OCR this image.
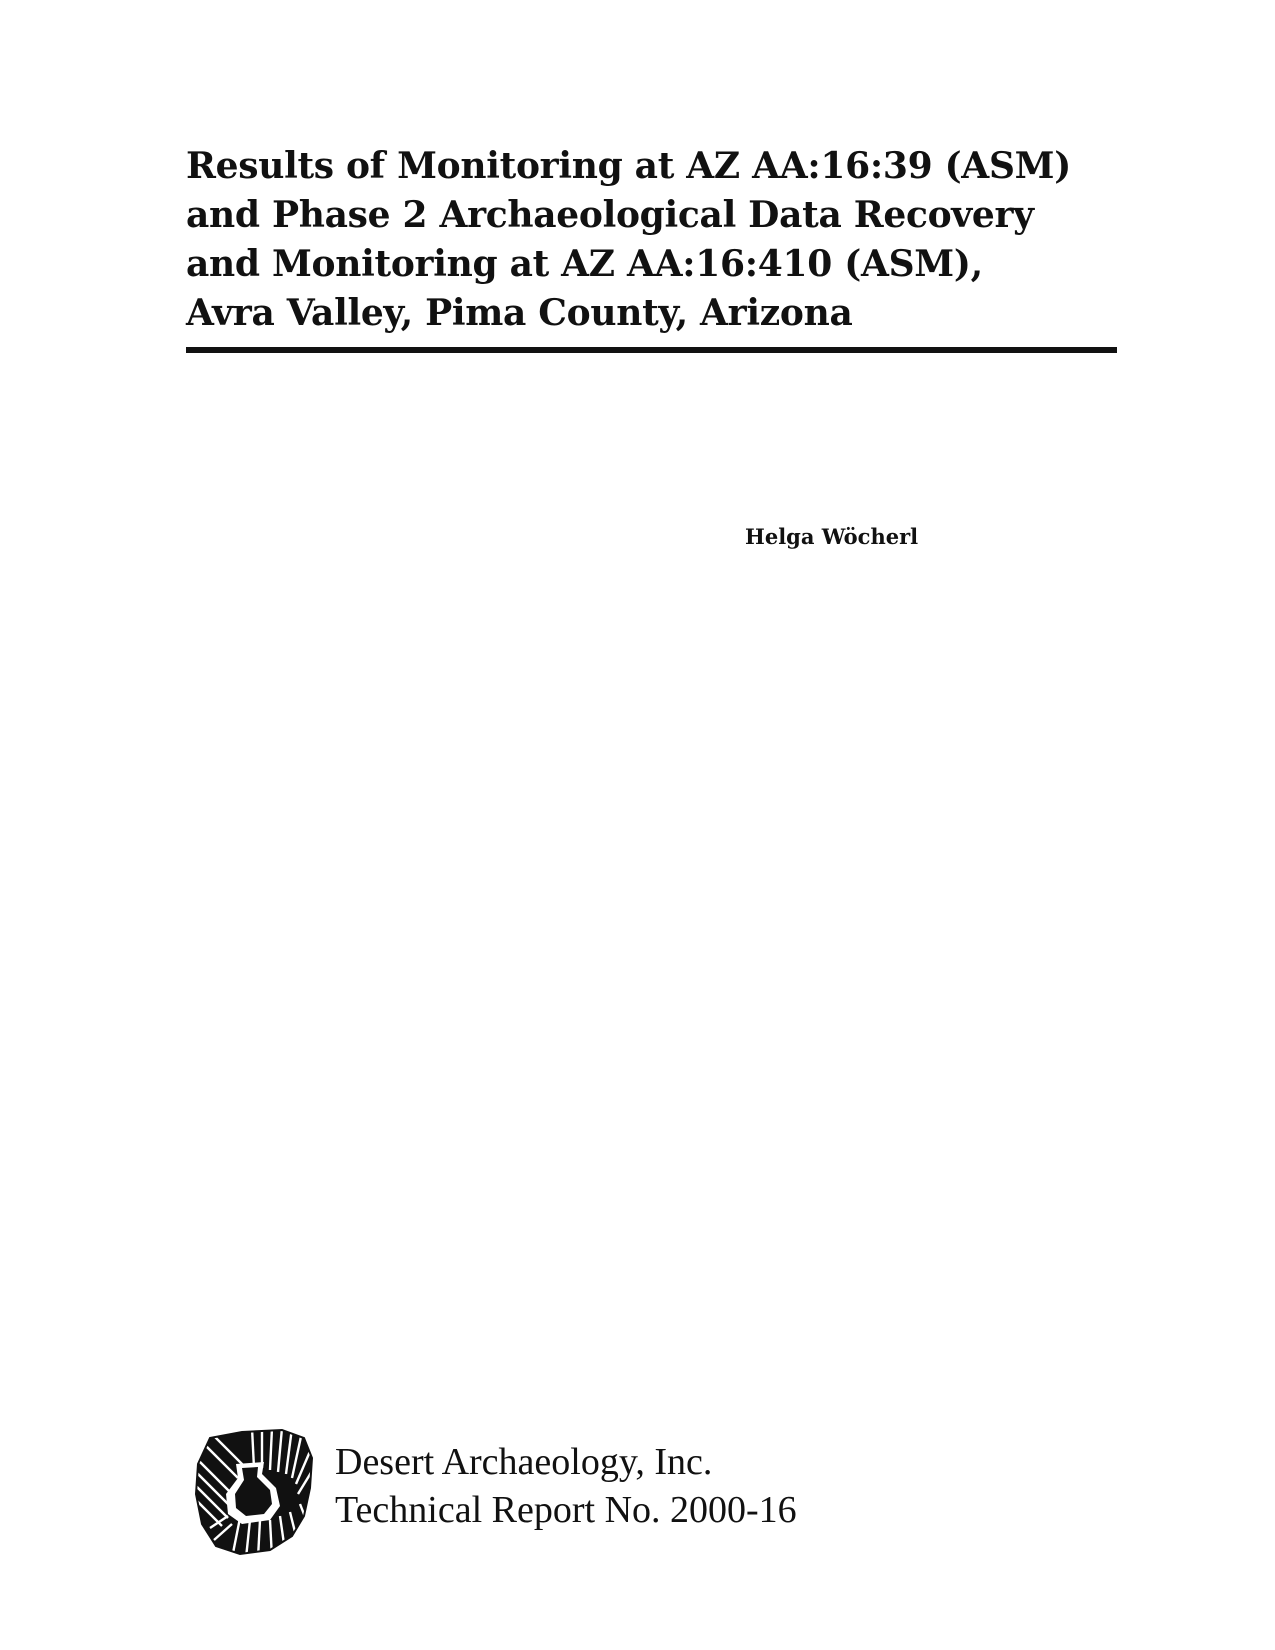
Results of Monitoring at AZ AA:16:39 (ASM)
and Phase 2 Archaeological Data Recovery
and Monitoring at AZ AA:16:410 (ASM),
Avra Valley, Pima County, Arizona
Helga Wöcherl
Desert Archaeology, Inc.
Technical Report No. 2000-16
